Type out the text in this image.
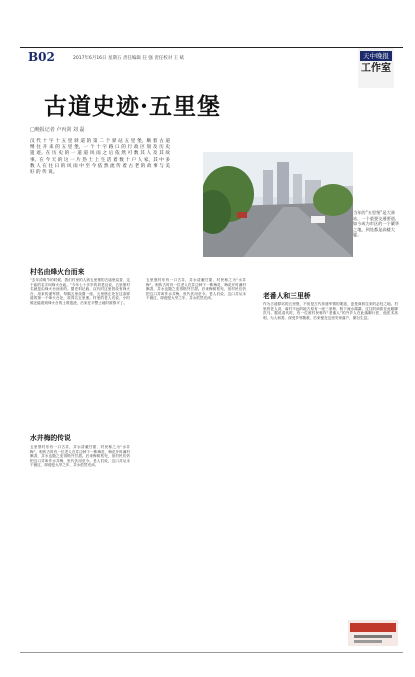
B02	2017年6月16日 星期五 责任编辑 任 强 责任校对 王 斌	天中晚报
工作室
古道史迹·五里堡
□晚报记者 卢丙剑 刘 磊
汉 代 十 字 十 五 里 驿 道 的 第 二 个 驿 站 五 里 堡，顺 着 古 道 继 往 开 来 的 五 里 堡，一 个 十 字 路 口 的 行 政 区 划 及 历 史 遗 迹。在 历 史 的 一 道 道 风 雨 之 后 依 然 可 数 其 人 及 其 故 事。在 今 天 的 这 一 片 热 土 上 生 活 着 数 十 户 人 家，其 中 多 数 人 在 往 日 的 风 雨 中 至 今 依 然 流 传 着 古 老 的 故 事 与 美 好 的 传 说。
当年的“五里堡”是大驿站，一个重要交通要道，如今成为市区的一个繁华之地，到处都是高楼大厦。
村名由烽火台而来
“去年清明节的时候，我们村里的人到五里堡的古庙里烧香，这个庙的名字叫烽火台庙。”今年七十多岁的刘老汉说，五里堡村名就是由烽火台而来的。据史料记载，汉代时这里曾设有烽火台，用来传递军情，每隔五里设置一座，五里堡正处在这条驿道的第一个烽火台处，故得名五里堡。村里的老人们说，小时候还能看到烽火台的土堆遗迹，后来在平整土地时被推平了。
水井梅的传说
五里堡村东有一口古井，井水清澈甘甜，村民称之为“水井梅”。相传古时有一位老人在井边种下一株梅花，梅花开时满村飘香，井水也随之变得格外甘甜。后来梅树枯死，但村民们仍把这口井叫作水井梅，世代饮用至今。老人们说，这口井从未干涸过，即便是大旱之年，井水依然充沛。
五里堡村东有一口古井，井水清澈甘甜，村民称之为“水井梅”。相传古时有一位老人在井边种下一株梅花，梅花开时满村飘香，井水也随之变得格外甘甜。后来梅树枯死，但村民们仍把这口井叫作水井梅，世代饮用至今。老人们说，这口井从未干涸过，即便是大旱之年，井水依然充沛。	老番人和三里桥
作为古道驿站的五里堡，不但是古代传递军情的要道，更是商旅往来的必经之地。村里的老人讲，离村不远的地方原有一座三里桥，桥下流水潺潺，过往的商旅在此歇脚饮马。据说清代时，有一位被村民称作“老番人”的外乡人在此落脚行医，他医术高明，为人和善，深受乡邻敬重，后来便在这里安家落户，繁衍生息。
